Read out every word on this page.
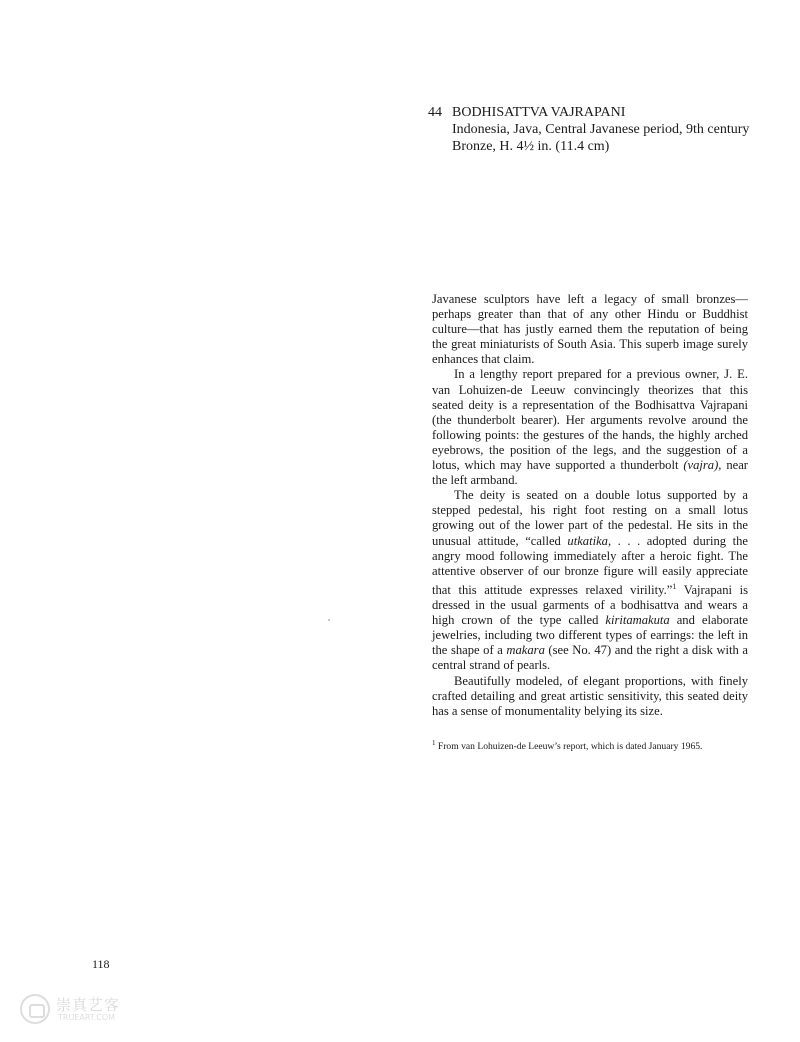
44 BODHISATTVA VAJRAPANI
Indonesia, Java, Central Javanese period, 9th century
Bronze, H. 4½ in. (11.4 cm)

Javanese sculptors have left a legacy of small bronzes—perhaps greater than that of any other Hindu or Buddhist culture—that has justly earned them the reputation of being the great miniaturists of South Asia. This superb image surely enhances that claim.

In a lengthy report prepared for a previous owner, J. E. van Lohuizen-de Leeuw convincingly theorizes that this seated deity is a representation of the Bodhisattva Vajrapani (the thunderbolt bearer). Her arguments revolve around the following points: the gestures of the hands, the highly arched eyebrows, the position of the legs, and the suggestion of a lotus, which may have supported a thunderbolt (vajra), near the left armband.

The deity is seated on a double lotus supported by a stepped pedestal, his right foot resting on a small lotus growing out of the lower part of the pedestal. He sits in the unusual attitude, “called utkatika, . . . adopted during the angry mood following immediately after a heroic fight. The attentive observer of our bronze figure will easily appreciate that this attitude expresses relaxed virility.”$^1$ Vajrapani is dressed in the usual garments of a bodhisattva and wears a high crown of the type called kiritamakuta and elaborate jewelries, including two different types of earrings: the left in the shape of a makara (see No. 47) and the right a disk with a central strand of pearls.

Beautifully modeled, of elegant proportions, with finely crafted detailing and great artistic sensitivity, this seated deity has a sense of monumentality belying its size.

$^1$ From van Lohuizen-de Leeuw’s report, which is dated January 1965.
118
崇真艺客
TRUEART.COM
